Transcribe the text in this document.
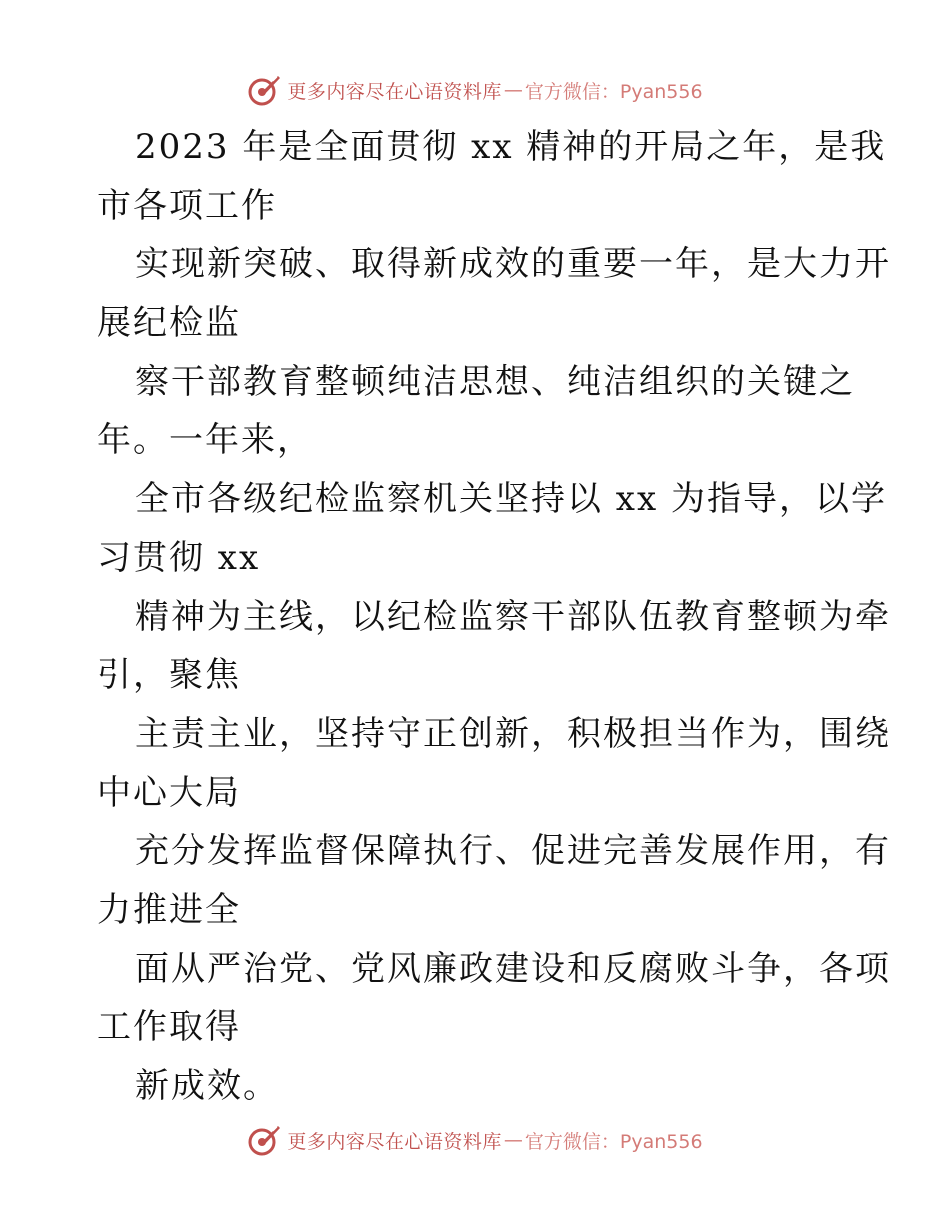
更多内容尽在心语资料库 — 官方微信：Pyan556
2023 年是全面贯彻 xx 精神的开局之年，是我
市各项工作
实现新突破、取得新成效的重要一年，是大力开
展纪检监
察干部教育整顿纯洁思想、纯洁组织的关键之
年。一年来，
全市各级纪检监察机关坚持以 xx 为指导，以学
习贯彻 xx
精神为主线，以纪检监察干部队伍教育整顿为牵
引，聚焦
主责主业，坚持守正创新，积极担当作为，围绕
中心大局
充分发挥监督保障执行、促进完善发展作用，有
力推进全
面从严治党、党风廉政建设和反腐败斗争，各项
工作取得
新成效。
更多内容尽在心语资料库 — 官方微信：Pyan556
